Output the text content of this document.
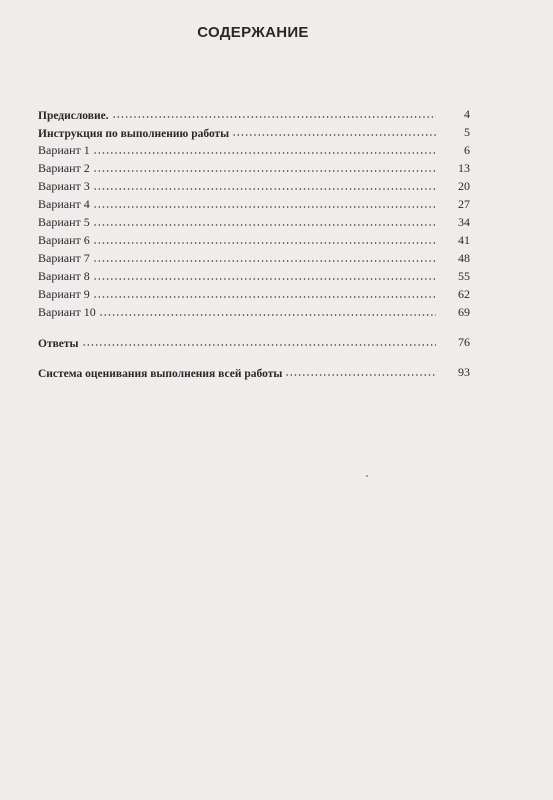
СОДЕРЖАНИЕ
Предисловие.	4
Инструкция по выполнению работы	5
Вариант 1	6
Вариант 2	13
Вариант 3	20
Вариант 4	27
Вариант 5	34
Вариант 6	41
Вариант 7	48
Вариант 8	55
Вариант 9	62
Вариант 10	69
Ответы	76
Система оценивания выполнения всей работы	93
